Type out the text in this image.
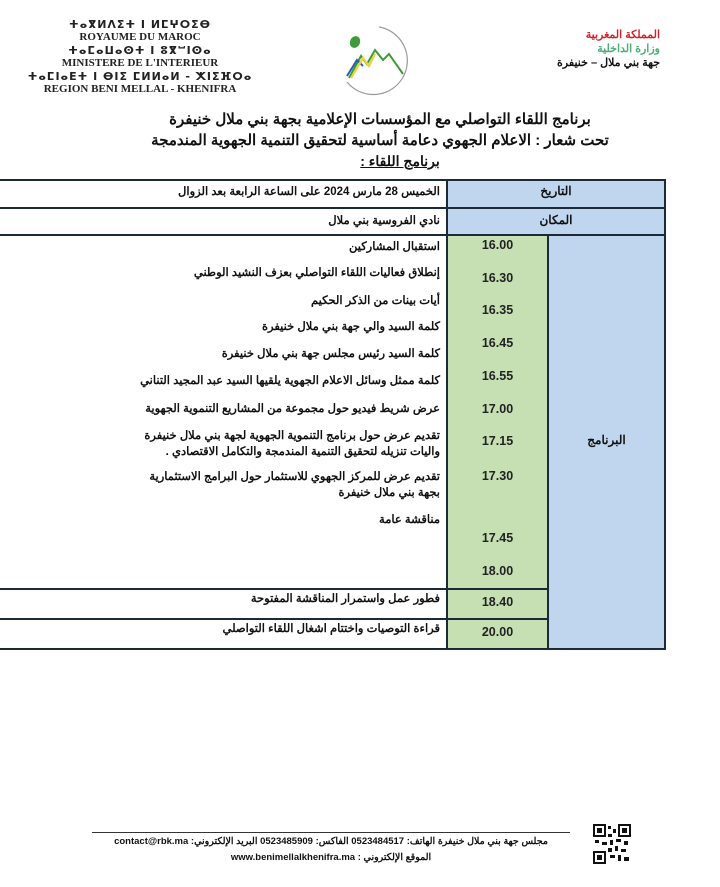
ⵜⴰⴳⵍⴷⵉⵜ ⵏ ⵍⵎⵖⵔⵉⴱ
ROYAUME DU MAROC
ⵜⴰⵎⴰⵡⴰⵙⵜ ⵏ ⵓⴳⵯⵏⵙⴰ
MINISTERE DE L'INTERIEUR
ⵜⴰⵎⵏⴰⴹⵜ ⵏ ⴱⵏⵉ ⵎⵍⵍⴰⵍ - ⵅⵏⵉⴼⵔⴰ
REGION BENI MELLAL - KHENIFRA
المملكة المغربية
وزارة الداخلية
جهة بني ملال – خنيفرة
برنامج اللقاء التواصلي مع المؤسسات الإعلامية بجهة بني ملال خنيفرة
تحت شعار : الاعلام الجهوي دعامة أساسية لتحقيق التنمية الجهوية المندمجة
برنامج اللقاء :
التاريخ
الخميس 28 مارس 2024 على الساعة الرابعة بعد الزوال
المكان
نادي الفروسية بني ملال
البرنامج
16.00
16.30
16.35
16.45
16.55
17.00
17.15
17.30
17.45
18.00
18.40
20.00
استقبال المشاركين
إنطلاق فعاليات اللقاء التواصلي بعزف النشيد الوطني
أيات بينات من الذكر الحكيم
كلمة السيد والي جهة بني ملال خنيفرة
كلمة السيد رئيس مجلس جهة بني ملال خنيفرة
كلمة ممثل وسائل الاعلام الجهوية يلقيها السيد عبد المجيد التناني
عرض شريط فيديو حول مجموعة من المشاريع التنموية الجهوية
تقديم عرض حول برنامج التنموية الجهوية لجهة بني ملال خنيفرة واليات تنزيله لتحقيق التنمية المندمجة والتكامل الاقتصادي .
تقديم عرض للمركز الجهوي للاستثمار حول البرامج الاستثمارية بجهة بني ملال خنيفرة
مناقشة عامة
فطور عمل واستمرار المناقشة المفتوحة
قراءة التوصيات واختتام اشغال اللقاء التواصلي
مجلس جهة بني ملال خنيفرة الهاتف: 0523484517 الفاكس: 0523485909 البريد الإلكتروني: contact@rbk.ma
الموقع الإلكتروني : www.benimellalkhenifra.ma
